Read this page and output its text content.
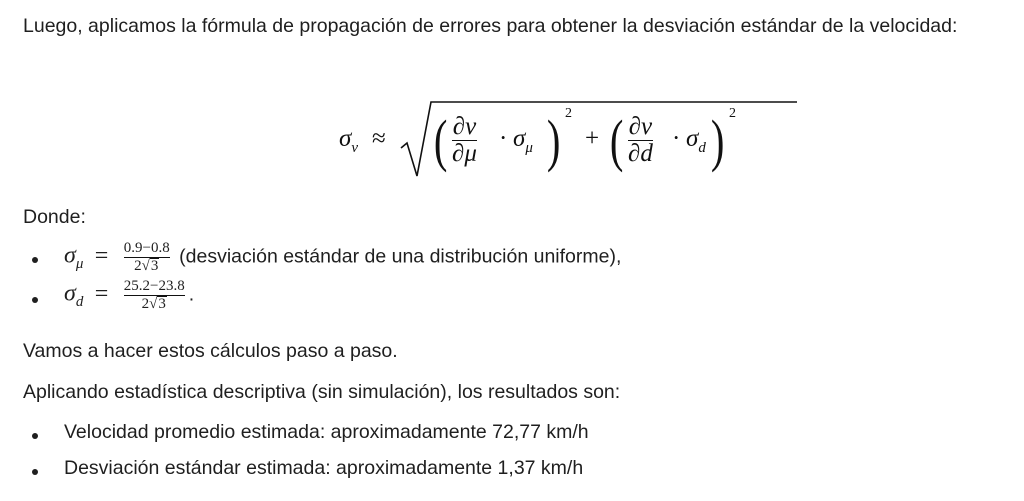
Luego, aplicamos la fórmula de propagación de errores para obtener la desviación estándar de la velocidad:
$\sigma_v$ ≈ ( ∂v
∂μ
· $\sigma_\mu$ ) 2
+ ( ∂v
∂d
· $\sigma_d$ ) 2
Donde:
$\sigma_\mu = \frac{0.9-0.8}{2√3}$ (desviación estándar de una distribución uniforme),
$\sigma_d = \frac{25.2-23.8}{2√3}$ .
Vamos a hacer estos cálculos paso a paso.
Aplicando estadística descriptiva (sin simulación), los resultados son:
Velocidad promedio estimada: aproximadamente 72,77 km/h
Desviación estándar estimada: aproximadamente 1,37 km/h
